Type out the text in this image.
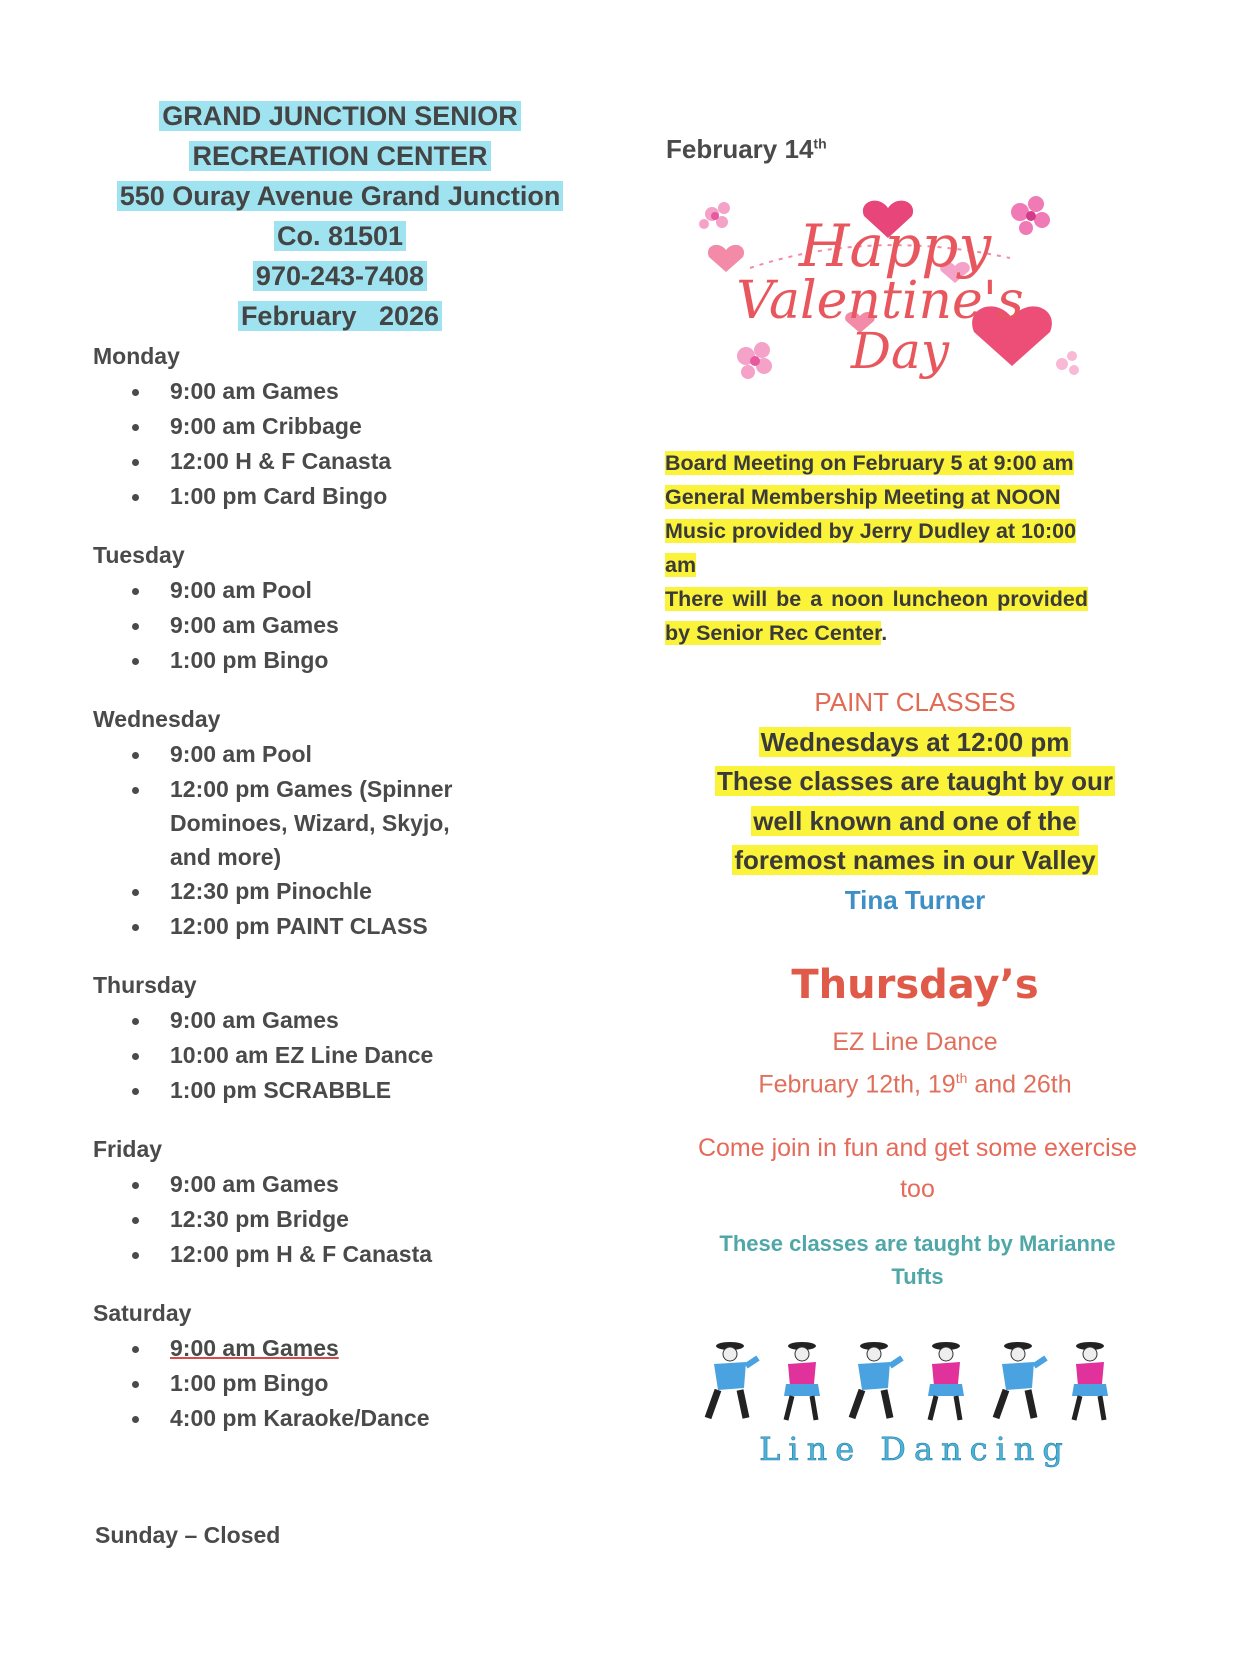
GRAND JUNCTION SENIOR
RECREATION CENTER
550 Ouray Avenue Grand Junction
Co. 81501
970-243-7408
February   2026
Monday
9:00 am Games
9:00 am Cribbage
12:00 H & F Canasta
1:00 pm Card Bingo
Tuesday
9:00 am Pool
9:00 am Games
1:00 pm Bingo
Wednesday
9:00 am Pool
12:00 pm Games (Spinner
Dominoes, Wizard, Skyjo,
and more)
12:30 pm Pinochle
12:00 pm PAINT CLASS
Thursday
9:00 am Games
10:00 am EZ Line Dance
1:00 pm SCRABBLE
Friday
9:00 am Games
12:30 pm Bridge
12:00 pm H & F Canasta
Saturday
9:00 am Games
1:00 pm Bingo
4:00 pm Karaoke/Dance
Sunday – Closed
February 14th
Happy
Valentine's
Day
Board Meeting on February 5 at 9:00 am
General Membership Meeting at NOON
Music provided by Jerry Dudley at 10:00
am
There will be a noon luncheon provided
by Senior Rec Center.
PAINT CLASSES
Wednesdays at 12:00 pm
These classes are taught by our
well known and one of the
foremost names in our Valley
Tina Turner
Thursday’s
EZ Line Dance
February 12th, 19th and 26th
Come join in fun and get some exercise
too
These classes are taught by Marianne
Tufts
Line Dancing
